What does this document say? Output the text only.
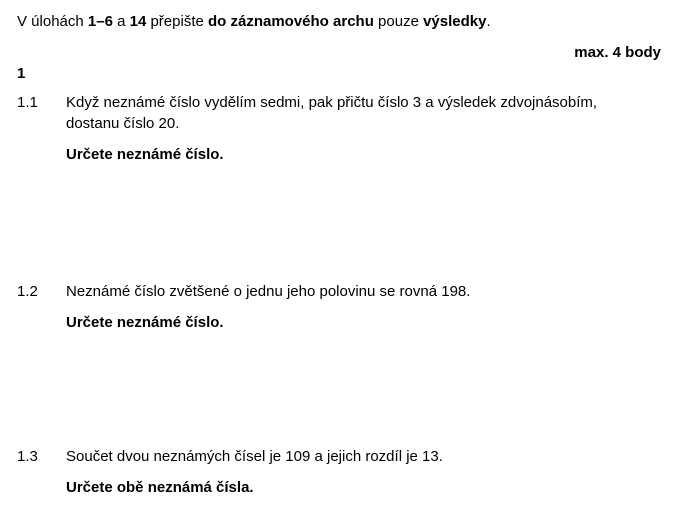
V úlohách 1–6 a 14 přepište do záznamového archu pouze výsledky.
max. 4 body
1
1.1	Když neznámé číslo vydělím sedmi, pak přičtu číslo 3 a výsledek zdvojnásobím, dostanu číslo 20.

Určete neznámé číslo.

1.2	Neznámé číslo zvětšené o jednu jeho polovinu se rovná 198.

Určete neznámé číslo.

1.3	Součet dvou neznámých čísel je 109 a jejich rozdíl je 13.

Určete obě neznámá čísla.
